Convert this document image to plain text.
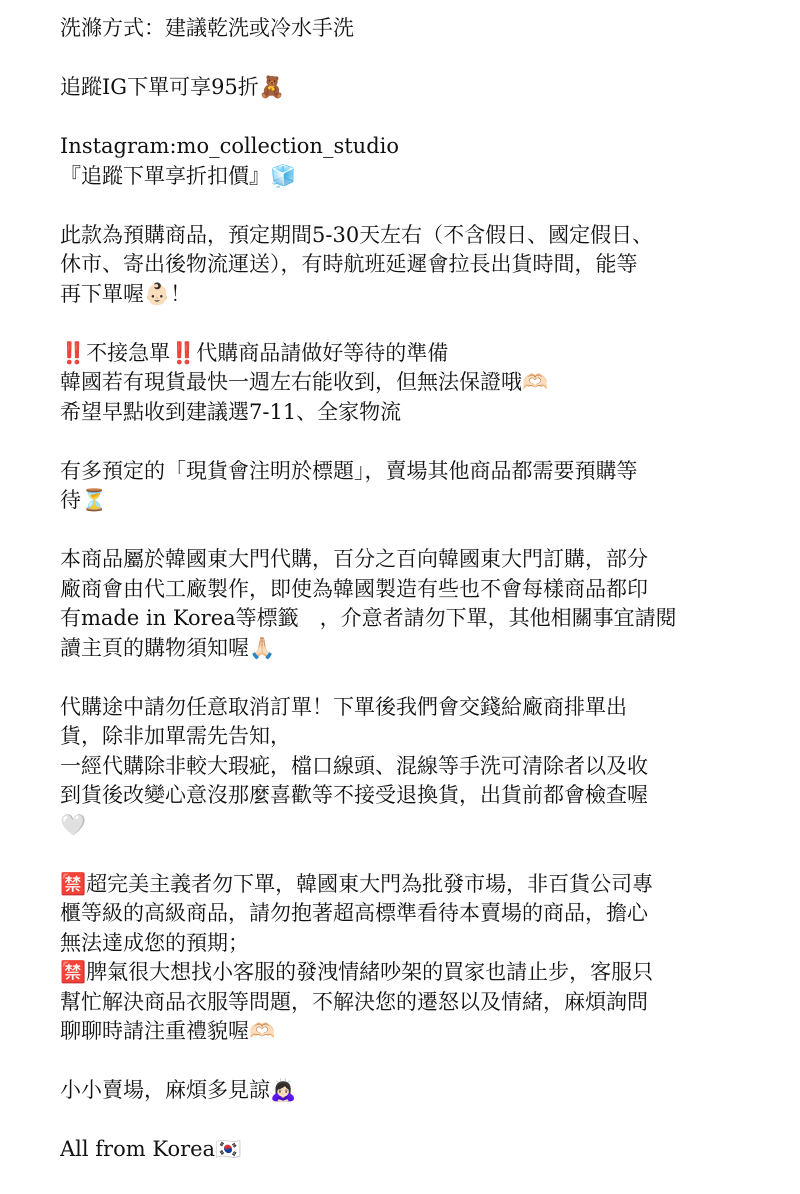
洗滌方式：建議乾洗或冷水手洗
追蹤IG下單可享95折🧸
Instagram:mo_collection_studio
『追蹤下單享折扣價』🧊
此款為預購商品，預定期間5-30天左右（不含假日、國定假日、
休市、寄出後物流運送），有時航班延遲會拉長出貨時間，能等
再下單喔👶🏻！
‼️不接急單‼️代購商品請做好等待的準備
韓國若有現貨最快一週左右能收到，但無法保證哦🫶🏻
希望早點收到建議選7-11、全家物流
有多預定的「現貨會注明於標題」，賣場其他商品都需要預購等
待⏳
本商品屬於韓國東大門代購，百分之百向韓國東大門訂購，部分
廠商會由代工廠製作，即使為韓國製造有些也不會每樣商品都印
有made in Korea等標籤　，介意者請勿下單，其他相關事宜請閱
讀主頁的購物須知喔🙏🏻
代購途中請勿任意取消訂單！下單後我們會交錢給廠商排單出
貨，除非加單需先告知，
一經代購除非較大瑕疵，檔口線頭、混線等手洗可清除者以及收
到貨後改變心意沒那麼喜歡等不接受退換貨，出貨前都會檢查喔
🤍
🈲超完美主義者勿下單，韓國東大門為批發市場，非百貨公司專
櫃等級的高級商品，請勿抱著超高標準看待本賣場的商品，擔心
無法達成您的預期；
🈲脾氣很大想找小客服的發洩情緒吵架的買家也請止步，客服只
幫忙解決商品衣服等問題，不解決您的遷怒以及情緒，麻煩詢問
聊聊時請注重禮貌喔🫶🏻
小小賣場，麻煩多見諒🙇🏻‍♀️
All from Korea🇰🇷
